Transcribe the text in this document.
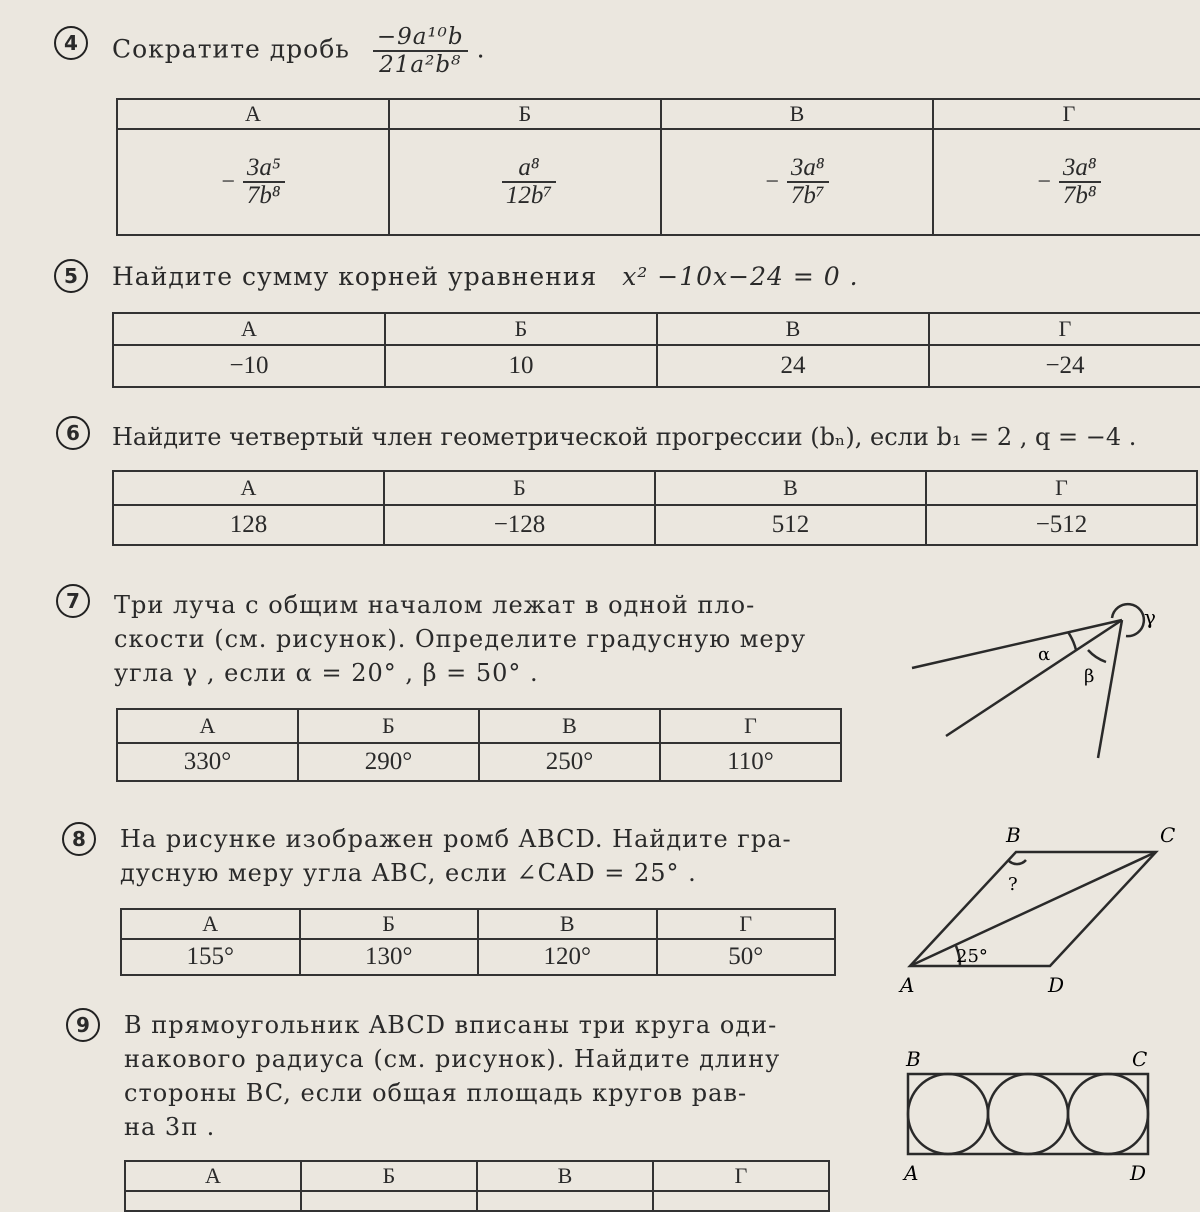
4	Сократите дробь $\frac{\text{−9a¹⁰b}}{\text{21a²b⁸}}$ .
А	Б	В	Г
− $\frac{\text{3a⁵}}{\text{7b⁸}}$	$\frac{\text{a⁸}}{\text{12b⁷}}$	− $\frac{\text{3a⁸}}{\text{7b⁷}}$	− $\frac{\text{3a⁸}}{\text{7b⁸}}$
5	Найдите сумму корней уравнения x² −10x−24 = 0 .
А	Б	В	Г
−10	10	24	−24
6	Найдите четвертый член геометрической прогрессии (bₙ), если b₁ = 2 , q = −4 .
А	Б	В	Г
128	−128	512	−512
7	Три луча с общим началом лежат в одной пло-
скости (см. рисунок). Определите градусную меру
угла γ , если α = 20° , β = 50° .
А	Б	В	Г
330°	290°	250°	110°
γ
α
β
8	На рисунке изображен ромб ABCD. Найдите гра-
дусную меру угла ABC, если ∠CAD = 25° .
А	Б	В	Г
155°	130°	120°	50°
A
B	C
D
?
25°
9	В прямоугольник ABCD вписаны три круга оди-
накового радиуса (см. рисунок). Найдите длину
стороны BC, если общая площадь кругов рав-
на 3π .
А	Б	В	Г

B	C
A	D
